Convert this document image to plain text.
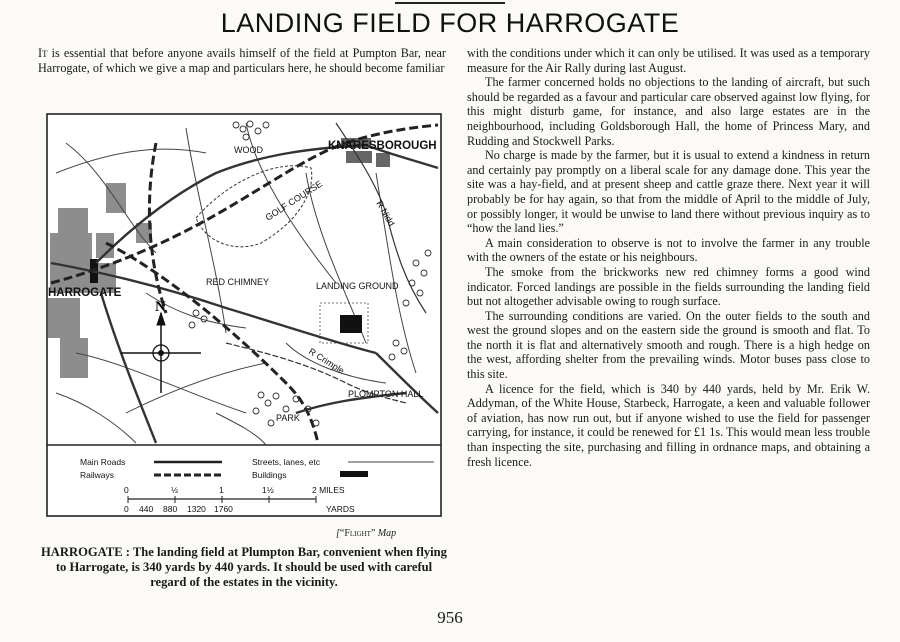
LANDING FIELD FOR HARROGATE

It is essential that before anyone avails himself of the field at Pumpton Bar, near Harrogate, of which we give a map and particulars here, he should become familiar

WOOD	KNARESBOROUGH
GOLF COURSE	R Nidd
HARROGATE
RED CHIMNEY	LANDING GROUND
N
R Crimple
PLOMPTON HALL
PARK
Main Roads
Railways
Streets, lanes, etc
Buildings
0	½	1	1½	2 MILES
0 440 880 1320 1760	YARDS
[“Flight” Map
HARROGATE : The landing field at Plumpton Bar, convenient when flying to Harrogate, is 340 yards by 440 yards. It should be used with careful regard of the estates in the vicinity.

with the conditions under which it can only be utilised. It was used as a temporary measure for the Air Rally during last August.

The farmer concerned holds no objections to the landing of aircraft, but such should be regarded as a favour and particular care observed against low flying, for this might disturb game, for instance, and also large estates are in the neighbourhood, including Goldsborough Hall, the home of Princess Mary, and Rudding and Stockwell Parks.

No charge is made by the farmer, but it is usual to extend a kindness in return and certainly pay promptly on a liberal scale for any damage done. This year the site was a hay-field, and at present sheep and cattle graze there. Next year it will probably be for hay again, so that from the middle of April to the middle of July, or possibly longer, it would be unwise to land there without previous inquiry as to “how the land lies.”

A main consideration to observe is not to involve the farmer in any trouble with the owners of the estate or his neighbours.

The smoke from the brickworks new red chimney forms a good wind indicator. Forced landings are possible in the fields surrounding the landing field but not altogether advisable owing to rough surface.

The surrounding conditions are varied. On the outer fields to the south and west the ground slopes and on the eastern side the ground is smooth and flat. To the north it is flat and alternatively smooth and rough. There is a high hedge on the west, affording shelter from the prevailing winds. Motor buses pass close to this site.

A licence for the field, which is 340 by 440 yards, held by Mr. Erik W. Addyman, of the White House, Starbeck, Harrogate, a keen and valuable follower of aviation, has now run out, but if anyone wished to use the field for passenger carrying, for instance, it could be renewed for £1 1s. This would mean less trouble than inspecting the site, purchasing and filling in ordnance maps, and obtaining a fresh licence.

956
